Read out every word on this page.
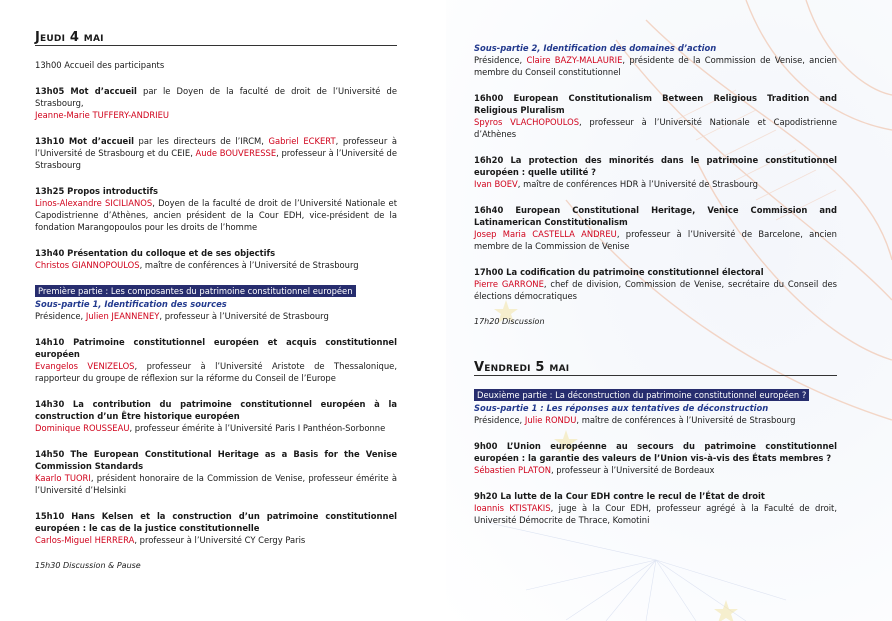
Jeudi 4 mai
13h00 Accueil des participants
13h05 Mot d’accueil par le Doyen de la faculté de droit de l’Université de Strasbourg,
Jeanne-Marie TUFFERY-ANDRIEU
13h10 Mot d’accueil par les directeurs de l’IRCM, Gabriel ECKERT, professeur à l’Université de Strasbourg et du CEIE, Aude BOUVERESSE, professeur à l’Université de Strasbourg
13h25 Propos introductifs
Linos-Alexandre SICILIANOS, Doyen de la faculté de droit de l’Université Nationale et Capodistrienne d’Athènes, ancien président de la Cour EDH, vice-président de la fondation Marangopoulos pour les droits de l’homme
13h40 Présentation du colloque et de ses objectifs
Christos GIANNOPOULOS, maître de conférences à l’Université de Strasbourg
Première partie : Les composantes du patrimoine constitutionnel européen
Sous-partie 1, Identification des sources
Présidence, Julien JEANNENEY, professeur à l’Université de Strasbourg
14h10 Patrimoine constitutionnel européen et acquis constitutionnel européen
Evangelos VENIZELOS, professeur à l’Université Aristote de Thessalonique, rapporteur du groupe de réflexion sur la réforme du Conseil de l’Europe
14h30 La contribution du patrimoine constitutionnel européen à la construction d’un Être historique européen
Dominique ROUSSEAU, professeur émérite à l’Université Paris I Panthéon-Sorbonne
14h50 The European Constitutional Heritage as a Basis for the Venise Commission Standards
Kaarlo TUORI, président honoraire de la Commission de Venise, professeur émérite à l’Université d’Helsinki
15h10 Hans Kelsen et la construction d’un patrimoine constitutionnel européen : le cas de la justice constitutionnelle
Carlos-Miguel HERRERA, professeur à l’Université CY Cergy Paris
15h30 Discussion & Pause
Sous-partie 2, Identification des domaines d’action
Présidence, Claire BAZY-MALAURIE, présidente de la Commission de Venise, ancien membre du Conseil constitutionnel
16h00 European Constitutionalism Between Religious Tradition and Religious Pluralism
Spyros VLACHOPOULOS, professeur à l’Université Nationale et Capodistrienne d’Athènes
16h20 La protection des minorités dans le patrimoine constitutionnel européen : quelle utilité ?
Ivan BOEV, maître de conférences HDR à l’Université de Strasbourg
16h40 European Constitutional Heritage, Venice Commission and Latinamerican Constitutionalism
Josep Maria CASTELLA ANDREU, professeur à l’Université de Barcelone, ancien membre de la Commission de Venise
17h00 La codification du patrimoine constitutionnel électoral
Pierre GARRONE, chef de division, Commission de Venise, secrétaire du Conseil des élections démocratiques
17h20 Discussion
Vendredi 5 mai
Deuxième partie : La déconstruction du patrimoine constitutionnel européen ?
Sous-partie 1 : Les réponses aux tentatives de déconstruction
Présidence, Julie RONDU, maître de conférences à l’Université de Strasbourg
9h00 L’Union européenne au secours du patrimoine constitutionnel européen : la garantie des valeurs de l’Union vis-à-vis des États membres ?
Sébastien PLATON, professeur à l’Université de Bordeaux
9h20 La lutte de la Cour EDH contre le recul de l’État de droit
Ioannis KTISTAKIS, juge à la Cour EDH, professeur agrégé à la Faculté de droit, Université Démocrite de Thrace, Komotini
